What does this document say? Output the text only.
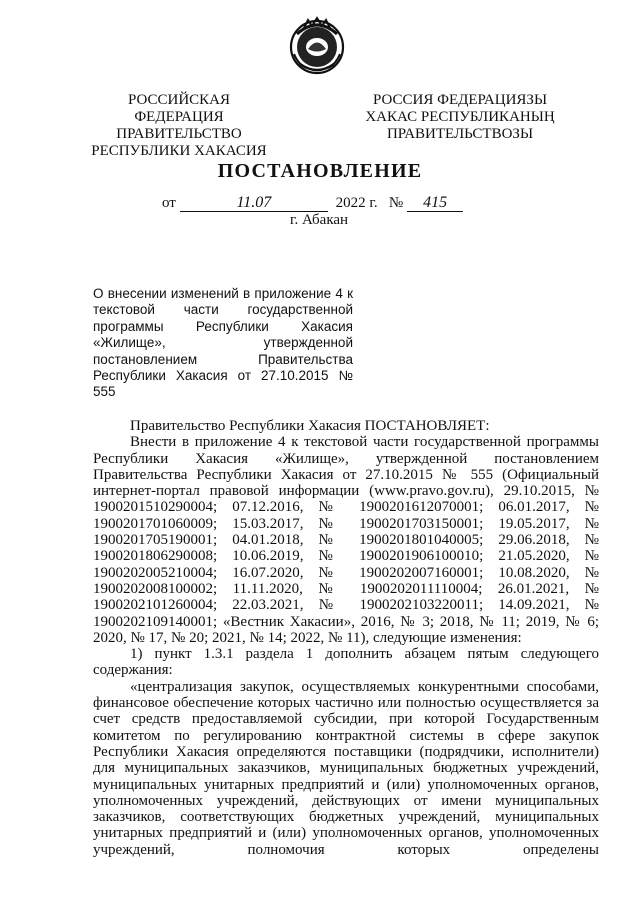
РОССИЙСКАЯ ФЕДЕРАЦИЯ
ПРАВИТЕЛЬСТВО
РЕСПУБЛИКИ ХАКАСИЯ
РОССИЯ ФЕДЕРАЦИЯЗЫ
ХАКАС РЕСПУБЛИКАНЫҢ
ПРАВИТЕЛЬСТВОЗЫ
ПОСТАНОВЛЕНИЕ
от	11.07	2022 г. № 415
г. Абакан
О внесении изменений в приложение 4 к текстовой части государственной программы Республики Хакасия «Жилище», утвержденной постановлением Правительства Республики Хакасия от 27.10.2015 № 555

Правительство Республики Хакасия ПОСТАНОВЛЯЕТ:

Внести в приложение 4 к текстовой части государственной программы Республики Хакасия «Жилище», утвержденной постановлением Правительства Республики Хакасия от 27.10.2015 № 555 (Официальный интернет-портал правовой информации (www.pravo.gov.ru), 29.10.2015, № 1900201510290004; 07.12.2016, № 1900201612070001; 06.01.2017, № 1900201701060009; 15.03.2017, № 1900201703150001; 19.05.2017, № 1900201705190001; 04.01.2018, № 1900201801040005; 29.06.2018, № 1900201806290008; 10.06.2019, № 1900201906100010; 21.05.2020, № 1900202005210004; 16.07.2020, № 1900202007160001; 10.08.2020, № 1900202008100002; 11.11.2020, № 1900202011110004; 26.01.2021, № 1900202101260004; 22.03.2021, № 1900202103220011; 14.09.2021, № 1900202109140001; «Вестник Хакасии», 2016, № 3; 2018, № 11; 2019, № 6; 2020, № 17, № 20; 2021, № 14; 2022, № 11), следующие изменения:

1) пункт 1.3.1 раздела 1 дополнить абзацем пятым следующего содержания:

«централизация закупок, осуществляемых конкурентными способами, финансовое обеспечение которых частично или полностью осуществляется за счет средств предоставляемой субсидии, при которой Государственным комитетом по регулированию контрактной системы в сфере закупок Республики Хакасия определяются поставщики (подрядчики, исполнители) для муниципальных заказчиков, муниципальных бюджетных учреждений, муниципальных унитарных предприятий и (или) уполномоченных органов, уполномоченных учреждений, действующих от имени муниципальных заказчиков, соответствующих бюджетных учреждений, муниципальных унитарных предприятий и (или) уполномоченных органов, уполномоченных учреждений, полномочия которых определены
